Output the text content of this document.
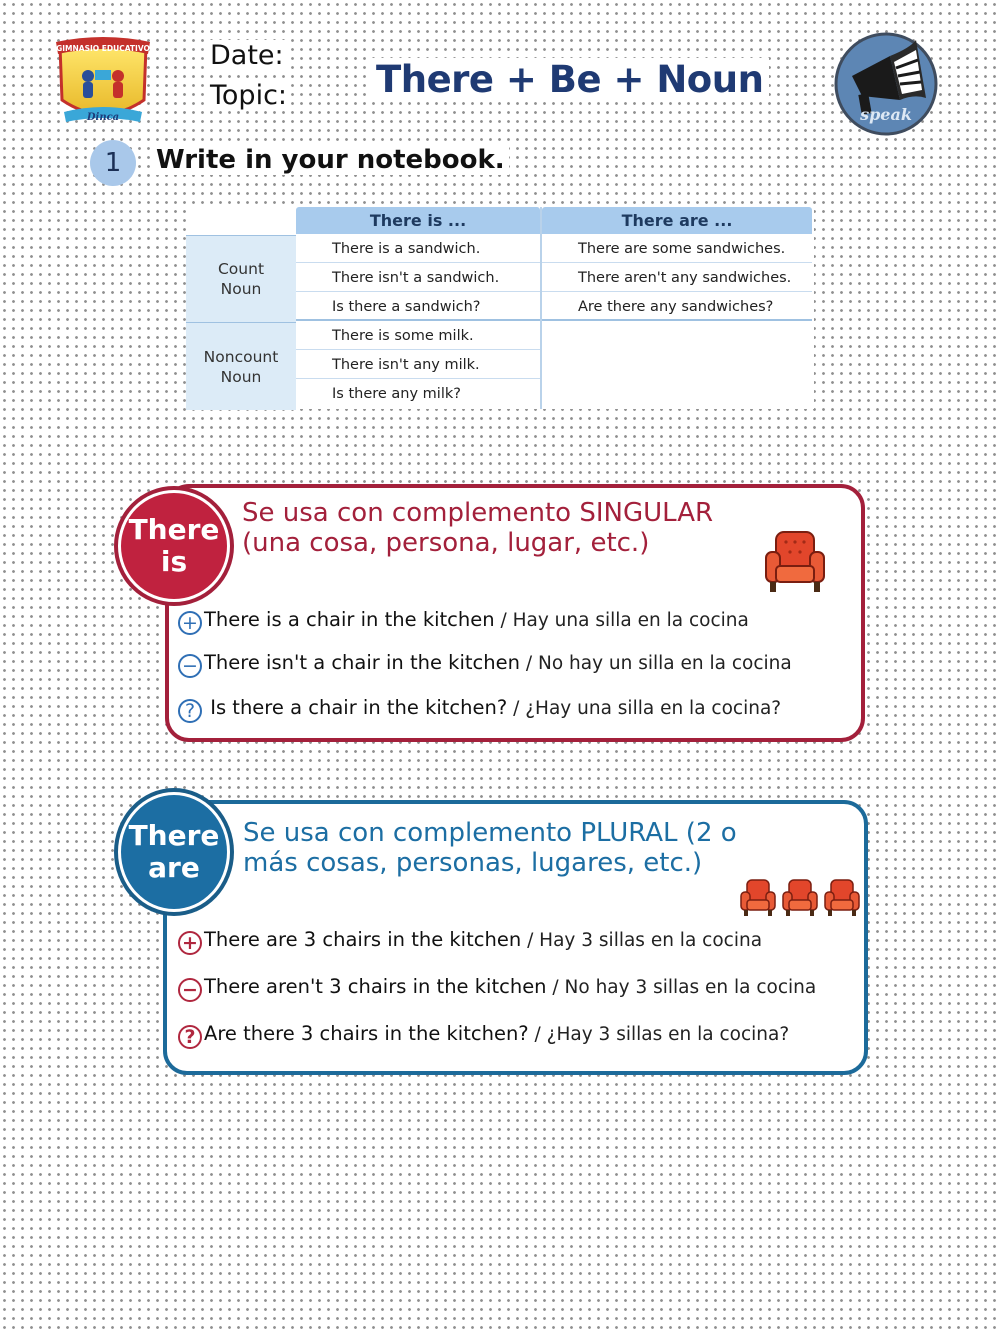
GIMNASIO EDUCATIVO
Dinca
Date:
Topic: There + Be + Noun
speak
1	Write in your notebook.
There is ...	There are ...
Count
Noun
Noncount
Noun
There is a sandwich.
There isn't a sandwich.
Is there a sandwich?
There is some milk.
There isn't any milk.
Is there any milk?
There are some sandwiches.
There aren't any sandwiches.
Are there any sandwiches?
There
is
Se usa con complemento SINGULAR
(una cosa, persona, lugar, etc.)
+ There is a chair in the kitchen / Hay una silla en la cocina
− There isn't a chair in the kitchen / No hay un silla en la cocina
? Is there a chair in the kitchen? / ¿Hay una silla en la cocina?
There
are
Se usa con complemento PLURAL (2 o
más cosas, personas, lugares, etc.)
+ There are 3 chairs in the kitchen / Hay 3 sillas en la cocina
− There aren't 3 chairs in the kitchen / No hay 3 sillas en la cocina
? Are there 3 chairs in the kitchen? / ¿Hay 3 sillas en la cocina?
